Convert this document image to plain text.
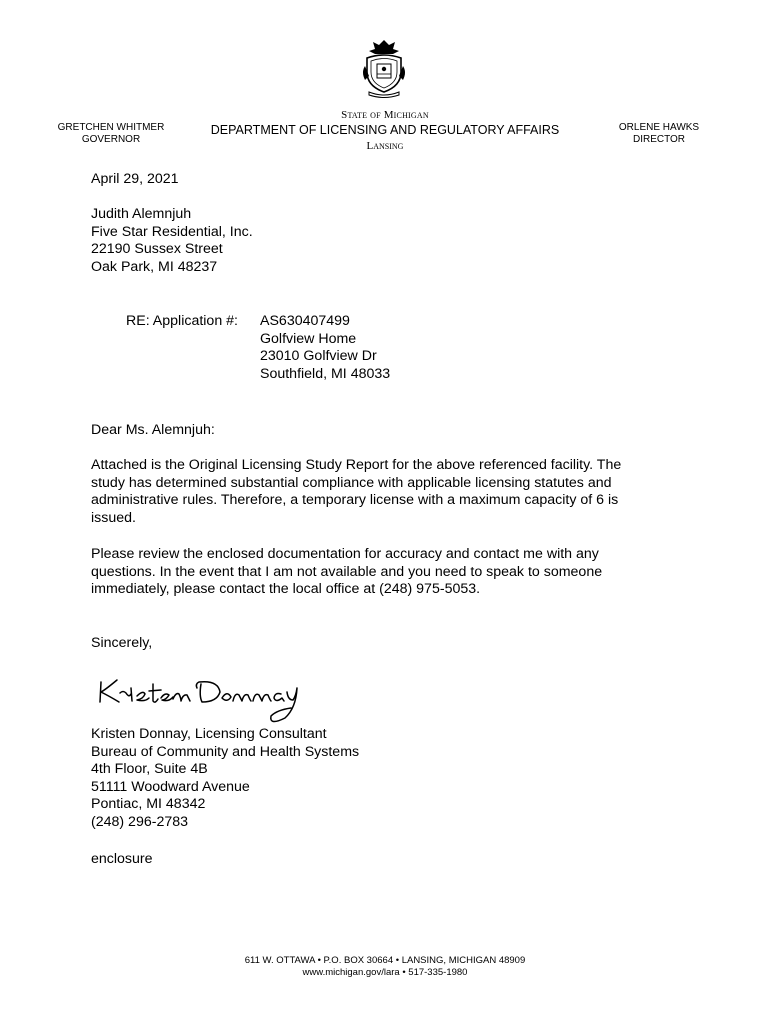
GRETCHEN WHITMER
GOVERNOR
State of Michigan
DEPARTMENT OF LICENSING AND REGULATORY AFFAIRS
Lansing
ORLENE HAWKS
DIRECTOR
April 29, 2021
Judith Alemnjuh
Five Star Residential, Inc.
22190 Sussex Street
Oak Park, MI 48237
RE: Application #: AS630407499
Golfview Home
23010 Golfview Dr
Southfield, MI 48033
Dear Ms. Alemnjuh:
Attached is the Original Licensing Study Report for the above referenced facility. The
study has determined substantial compliance with applicable licensing statutes and
administrative rules. Therefore, a temporary license with a maximum capacity of 6 is
issued.
Please review the enclosed documentation for accuracy and contact me with any
questions. In the event that I am not available and you need to speak to someone
immediately, please contact the local office at (248) 975-5053.
Sincerely,
Kristen Donnay, Licensing Consultant
Bureau of Community and Health Systems
4th Floor, Suite 4B
51111 Woodward Avenue
Pontiac, MI 48342
(248) 296-2783
enclosure
611 W. OTTAWA • P.O. BOX 30664 • LANSING, MICHIGAN 48909
www.michigan.gov/lara • 517-335-1980
